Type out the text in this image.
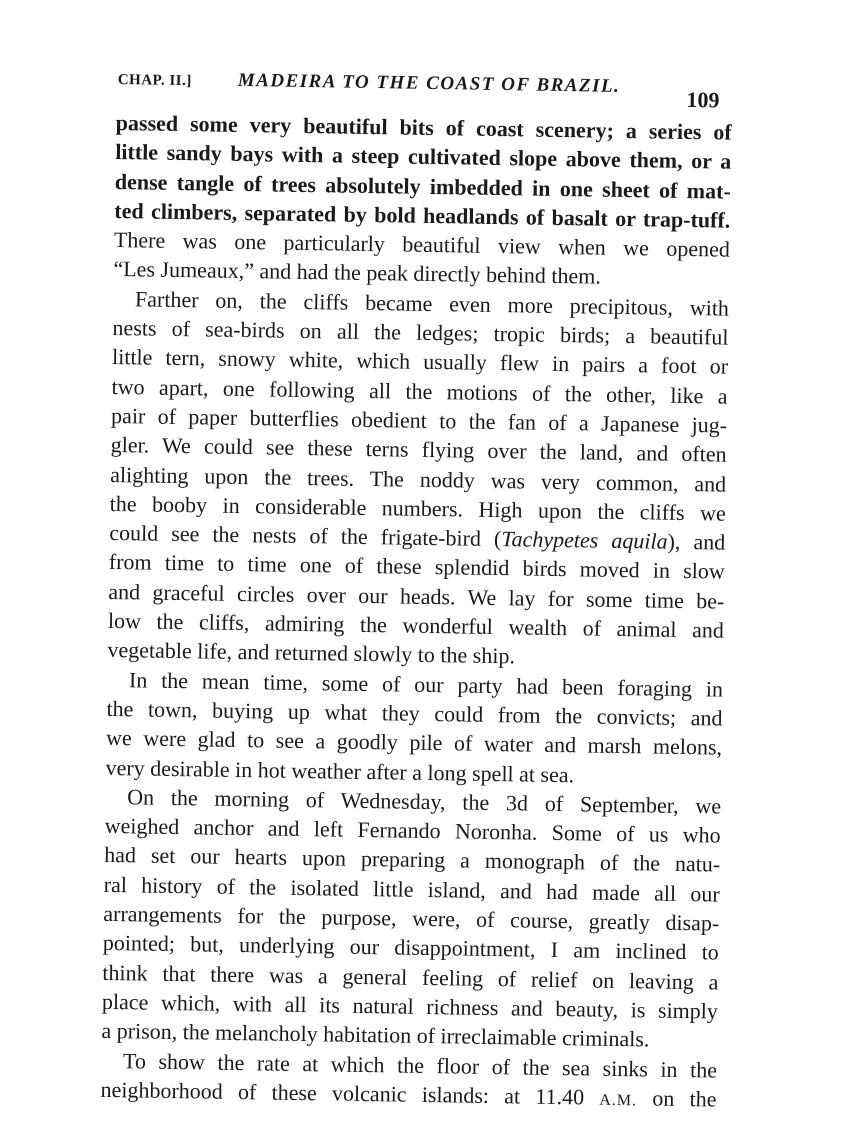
CHAP. II.] MADEIRA TO THE COAST OF BRAZIL.
109
passed some very beautiful bits of coast scenery; a series of
little sandy bays with a steep cultivated slope above them, or a
dense tangle of trees absolutely imbedded in one sheet of mat-
ted climbers, separated by bold headlands of basalt or trap-tuff.
There was one particularly beautiful view when we opened
“Les Jumeaux,” and had the peak directly behind them.
Farther on, the cliffs became even more precipitous, with
nests of sea-birds on all the ledges; tropic birds; a beautiful
little tern, snowy white, which usually flew in pairs a foot or
two apart, one following all the motions of the other, like a
pair of paper butterflies obedient to the fan of a Japanese jug-
gler. We could see these terns flying over the land, and often
alighting upon the trees. The noddy was very common, and
the booby in considerable numbers. High upon the cliffs we
could see the nests of the frigate-bird (Tachypetes aquila), and
from time to time one of these splendid birds moved in slow
and graceful circles over our heads. We lay for some time be-
low the cliffs, admiring the wonderful wealth of animal and
vegetable life, and returned slowly to the ship.
In the mean time, some of our party had been foraging in
the town, buying up what they could from the convicts; and
we were glad to see a goodly pile of water and marsh melons,
very desirable in hot weather after a long spell at sea.
On the morning of Wednesday, the 3d of September, we
weighed anchor and left Fernando Noronha. Some of us who
had set our hearts upon preparing a monograph of the natu-
ral history of the isolated little island, and had made all our
arrangements for the purpose, were, of course, greatly disap-
pointed; but, underlying our disappointment, I am inclined to
think that there was a general feeling of relief on leaving a
place which, with all its natural richness and beauty, is simply
a prison, the melancholy habitation of irreclaimable criminals.
To show the rate at which the floor of the sea sinks in the
neighborhood of these volcanic islands: at 11.40 A.M. on the
